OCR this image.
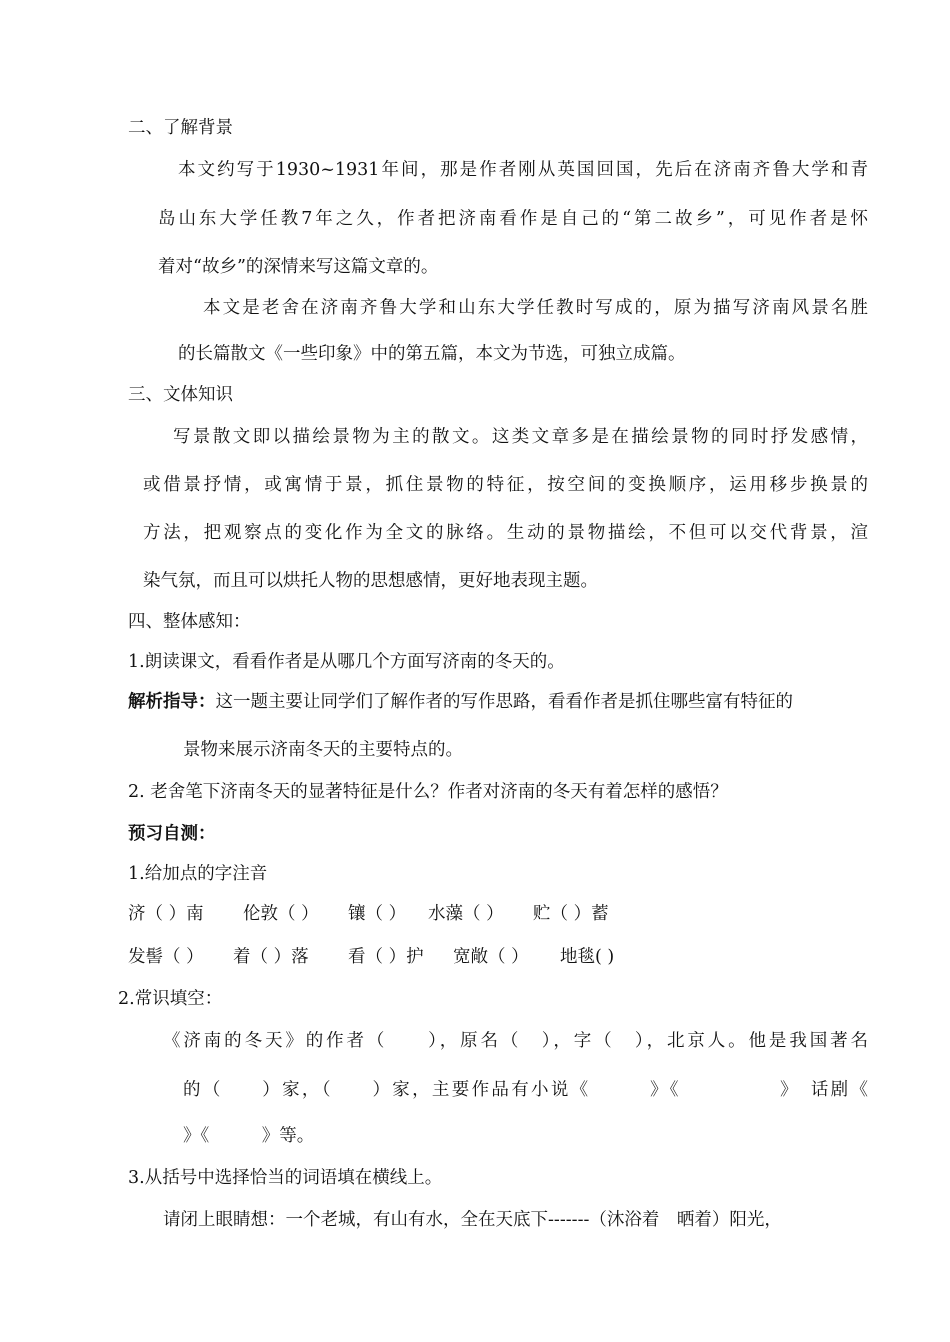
二、了解背景
本文约写于1930~1931年间，那是作者刚从英国回国，先后在济南齐鲁大学和青
岛山东大学任教7年之久，作者把济南看作是自己的“第二故乡”，可见作者是怀
着对“故乡”的深情来写这篇文章的。
本文是老舍在济南齐鲁大学和山东大学任教时写成的，原为描写济南风景名胜
的长篇散文《一些印象》中的第五篇，本文为节选，可独立成篇。
三、文体知识
写景散文即以描绘景物为主的散文。这类文章多是在描绘景物的同时抒发感情，
或借景抒情，或寓情于景，抓住景物的特征，按空间的变换顺序，运用移步换景的
方法，把观察点的变化作为全文的脉络。生动的景物描绘，不但可以交代背景，渲
染气氛，而且可以烘托人物的思想感情，更好地表现主题。
四、整体感知：
1.朗读课文，看看作者是从哪几个方面写济南的冬天的。
解析指导：这一题主要让同学们了解作者的写作思路，看看作者是抓住哪些富有特征的
景物来展示济南冬天的主要特点的。
2. 老舍笔下济南冬天的显著特征是什么？作者对济南的冬天有着怎样的感悟？
预习自测：
1.给加点的字注音
济（ ）南 伦敦（ ） 镶（ ） 水藻（ ） 贮（ ）蓄
发髻（ ） 着（ ）落 看（ ）护 宽敞（ ） 地毯( )
2.常识填空：
《济南的冬天》的作者（　　），原名（　），字（　），北京人。他是我国著名
的（　　）家，（　　）家，主要作品有小说《　　　》《　　　　　》　话剧《
》《　　　》等。
3.从括号中选择恰当的词语填在横线上。
请闭上眼睛想：一个老城，有山有水，全在天底下-------（沐浴着　晒着）阳光，
